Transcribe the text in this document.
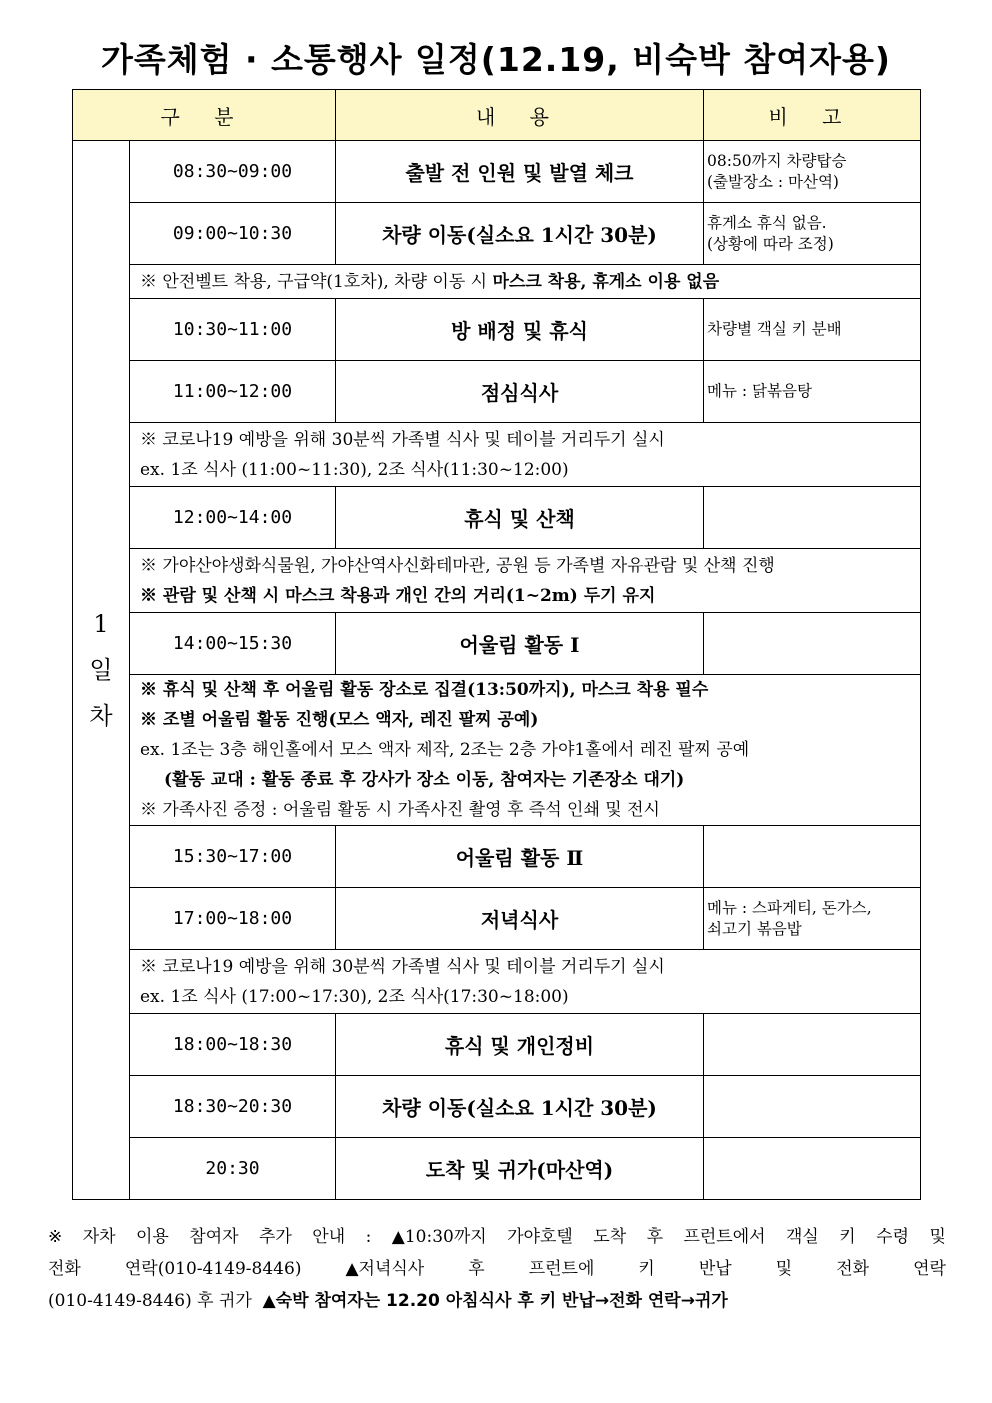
가족체험 · 소통행사 일정(12.19, 비숙박 참여자용)
구 분		내 용	비 고

1 일 차	08:30~09:00	출발 전 인원 및 발열 체크	08:50까지 차량탑승
(출발장소 : 마산역)

	09:00~10:30	차량 이동(실소요 1시간 30분)	휴게소 휴식 없음.
(상황에 따라 조정)

	※ 안전벨트 착용, 구급약(1호차), 차량 이동 시 마스크 착용, 휴게소 이용 없음		

	10:30~11:00	방 배정 및 휴식	차량별 객실 키 분배

	11:00~12:00	점심식사	메뉴 : 닭볶음탕

	※ 코로나19 예방을 위해 30분씩 가족별 식사 및 테이블 거리두기 실시
ex. 1조 식사 (11:00~11:30), 2조 식사(11:30~12:00)		

	12:00~14:00	휴식 및 산책	

	※ 가야산야생화식물원, 가야산역사신화테마관, 공원 등 가족별 자유관람 및 산책 진행
※ 관람 및 산책 시 마스크 착용과 개인 간의 거리(1~2m) 두기 유지		

	14:00~15:30	어울림 활동 Ⅰ	

	※ 휴식 및 산책 후 어울림 활동 장소로 집결(13:50까지), 마스크 착용 필수
※ 조별 어울림 활동 진행(모스 액자, 레진 팔찌 공예)
ex. 1조는 3층 해인홀에서 모스 액자 제작, 2조는 2층 가야1홀에서 레진 팔찌 공예
(활동 교대 : 활동 종료 후 강사가 장소 이동, 참여자는 기존장소 대기)
※ 가족사진 증정 : 어울림 활동 시 가족사진 촬영 후 즉석 인쇄 및 전시		

	15:30~17:00	어울림 활동 Ⅱ	
	17:00~18:00	저녁식사	메뉴 : 스파게티, 돈가스,
쇠고기 볶음밥

	※ 코로나19 예방을 위해 30분씩 가족별 식사 및 테이블 거리두기 실시
ex. 1조 식사 (17:00~17:30), 2조 식사(17:30~18:00)		

	18:00~18:30	휴식 및 개인정비	
	18:30~20:30	차량 이동(실소요 1시간 30분)	
	20:30	도착 및 귀가(마산역)	
※ 자차 이용 참여자 추가 안내 : ▲10:30까지 가야호텔 도착 후 프런트에서 객실 키 수령 및
전화	연락(010-4149-8446)	▲저녁식사	후	프런트에	키	반납	및	전화	연락
(010-4149-8446) 후 귀가  ▲숙박 참여자는 12.20 아침식사 후 키 반납→전화 연락→귀가
